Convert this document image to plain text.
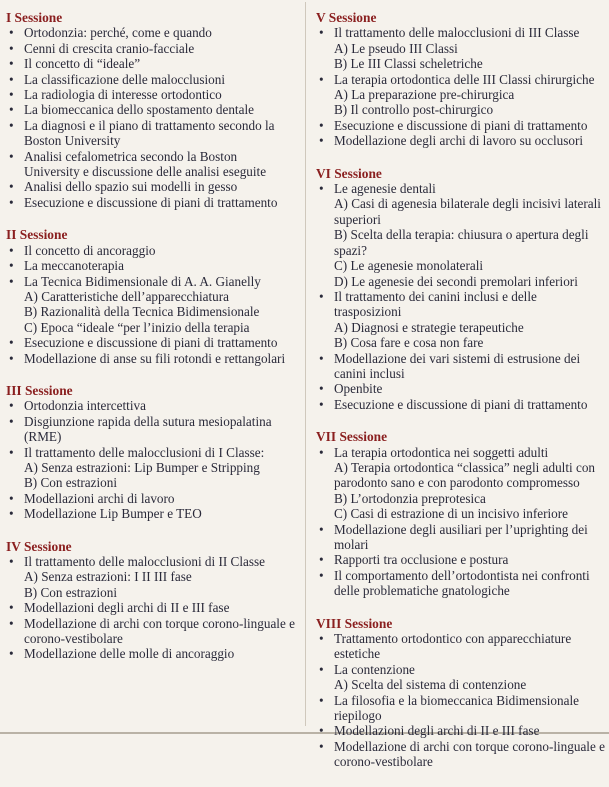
I Sessione
• Ortodonzia: perché, come e quando
• Cenni di crescita cranio-facciale
• Il concetto di “ideale”
• La classificazione delle malocclusioni
• La radiologia di interesse ortodontico
• La biomeccanica dello spostamento dentale
• La diagnosi e il piano di trattamento secondo la Boston University
• Analisi cefalometrica secondo la Boston University e discussione delle analisi eseguite
• Analisi dello spazio sui modelli in gesso
• Esecuzione e discussione di piani di trattamento
II Sessione
• Il concetto di ancoraggio
• La meccanoterapia
• La Tecnica Bidimensionale di A. A. Gianelly
A) Caratteristiche dell’apparecchiatura
B) Razionalità della Tecnica Bidimensionale
C) Epoca “ideale “per l’inizio della terapia
• Esecuzione e discussione di piani di trattamento
• Modellazione di anse su fili rotondi e rettangolari
III Sessione
• Ortodonzia intercettiva
• Disgiunzione rapida della sutura mesiopalatina (RME)
• Il trattamento delle malocclusioni di I Classe:
A) Senza estrazioni: Lip Bumper e Stripping
B) Con estrazioni
• Modellazioni archi di lavoro
• Modellazione Lip Bumper e TEO
IV Sessione
• Il trattamento delle malocclusioni di II Classe
A) Senza estrazioni: I II III fase
B) Con estrazioni
• Modellazioni degli archi di II e III fase
• Modellazione di archi con torque corono-linguale e corono-vestibolare
• Modellazione delle molle di ancoraggio
V Sessione
• Il trattamento delle malocclusioni di III Classe
A) Le pseudo III Classi
B) Le III Classi scheletriche
• La terapia ortodontica delle III Classi chirurgiche
A) La preparazione pre-chirurgica
B) Il controllo post-chirurgico
• Esecuzione e discussione di piani di trattamento
• Modellazione degli archi di lavoro su occlusori
VI Sessione
• Le agenesie dentali
A) Casi di agenesia bilaterale degli incisivi laterali superiori
B) Scelta della terapia: chiusura o apertura degli spazi?
C) Le agenesie monolaterali
D) Le agenesie dei secondi premolari inferiori
• Il trattamento dei canini inclusi e delle trasposizioni
A) Diagnosi e strategie terapeutiche
B) Cosa fare e cosa non fare
• Modellazione dei vari sistemi di estrusione dei canini inclusi
• Openbite
• Esecuzione e discussione di piani di trattamento
VII Sessione
• La terapia ortodontica nei soggetti adulti
A) Terapia ortodontica “classica” negli adulti con parodonto sano e con parodonto compromesso
B) L’ortodonzia preprotesica
C) Casi di estrazione di un incisivo inferiore
• Modellazione degli ausiliari per l’uprighting dei molari
• Rapporti tra occlusione e postura
• Il comportamento dell’ortodontista nei confronti delle problematiche gnatologiche
VIII Sessione
• Trattamento ortodontico con apparecchiature estetiche
• La contenzione
A) Scelta del sistema di contenzione
• La filosofia e la biomeccanica Bidimensionale riepilogo
• Modellazioni degli archi di II e III fase
• Modellazione di archi con torque corono-linguale e corono-vestibolare
